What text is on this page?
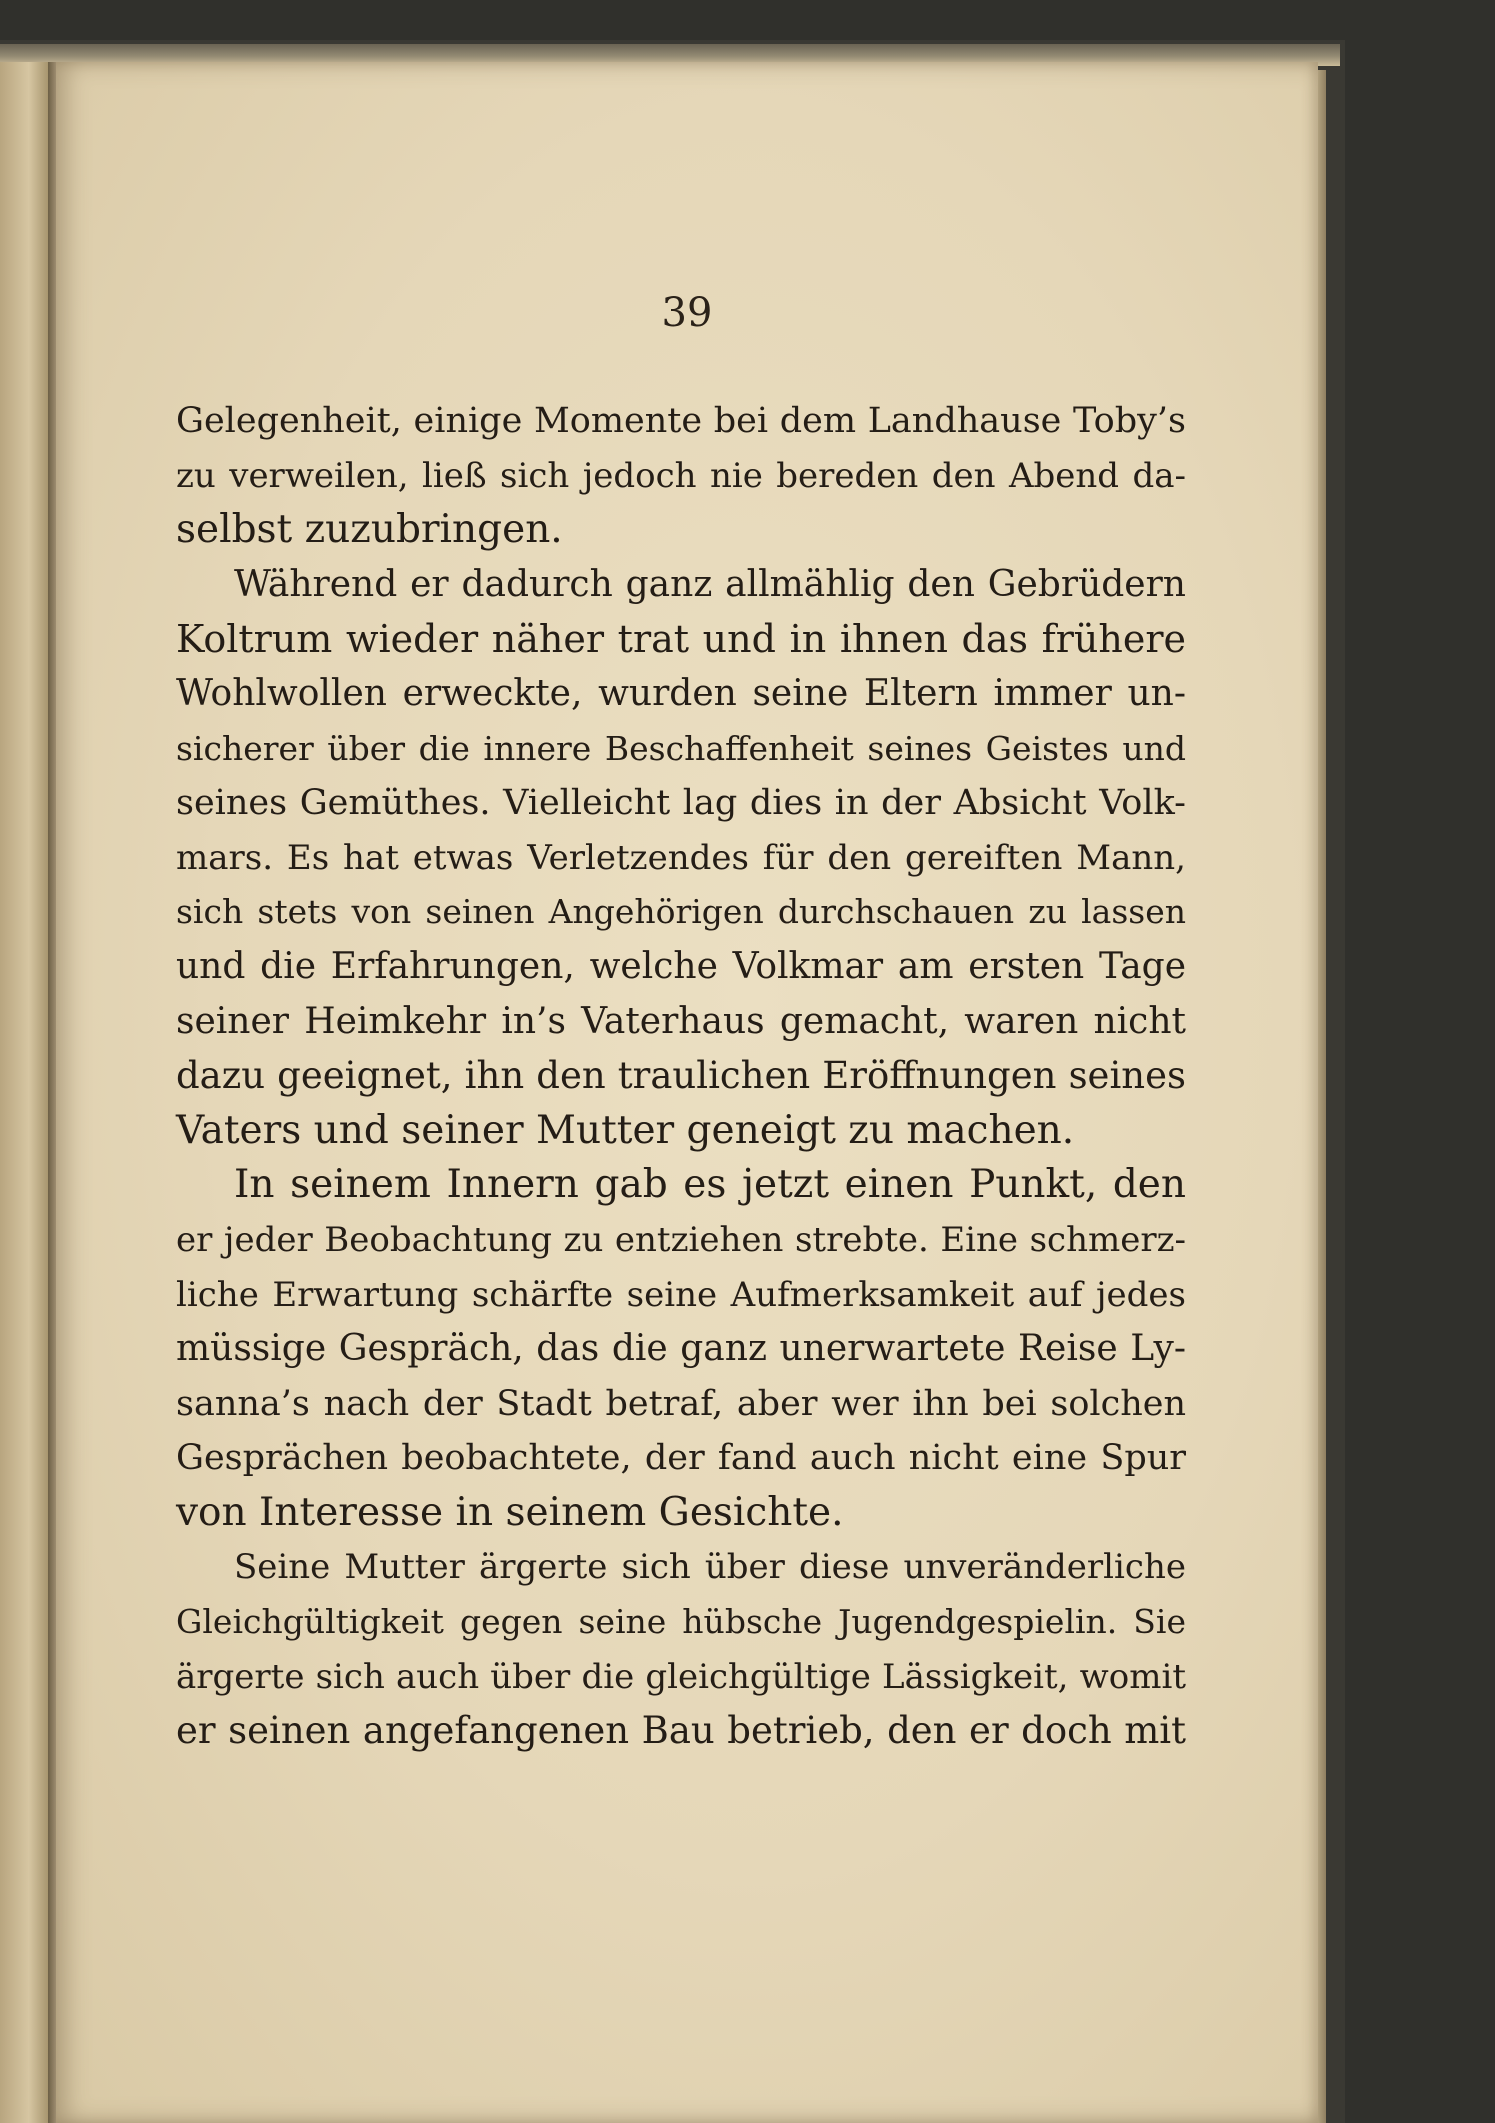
39

Gelegenheit, einige Momente bei dem Landhause Toby’s
zu verweilen, ließ sich jedoch nie bereden den Abend da-
selbst zuzubringen.
Während er dadurch ganz allmählig den Gebrüdern
Koltrum wieder näher trat und in ihnen das frühere
Wohlwollen erweckte, wurden seine Eltern immer un-
sicherer über die innere Beschaffenheit seines Geistes und
seines Gemüthes. Vielleicht lag dies in der Absicht Volk-
mars. Es hat etwas Verletzendes für den gereiften Mann,
sich stets von seinen Angehörigen durchschauen zu lassen
und die Erfahrungen, welche Volkmar am ersten Tage
seiner Heimkehr in’s Vaterhaus gemacht, waren nicht
dazu geeignet, ihn den traulichen Eröffnungen seines
Vaters und seiner Mutter geneigt zu machen.
In seinem Innern gab es jetzt einen Punkt, den
er jeder Beobachtung zu entziehen strebte. Eine schmerz-
liche Erwartung schärfte seine Aufmerksamkeit auf jedes
müssige Gespräch, das die ganz unerwartete Reise Ly-
sanna’s nach der Stadt betraf, aber wer ihn bei solchen
Gesprächen beobachtete, der fand auch nicht eine Spur
von Interesse in seinem Gesichte.
Seine Mutter ärgerte sich über diese unveränderliche
Gleichgültigkeit gegen seine hübsche Jugendgespielin. Sie
ärgerte sich auch über die gleichgültige Lässigkeit, womit
er seinen angefangenen Bau betrieb, den er doch mit
